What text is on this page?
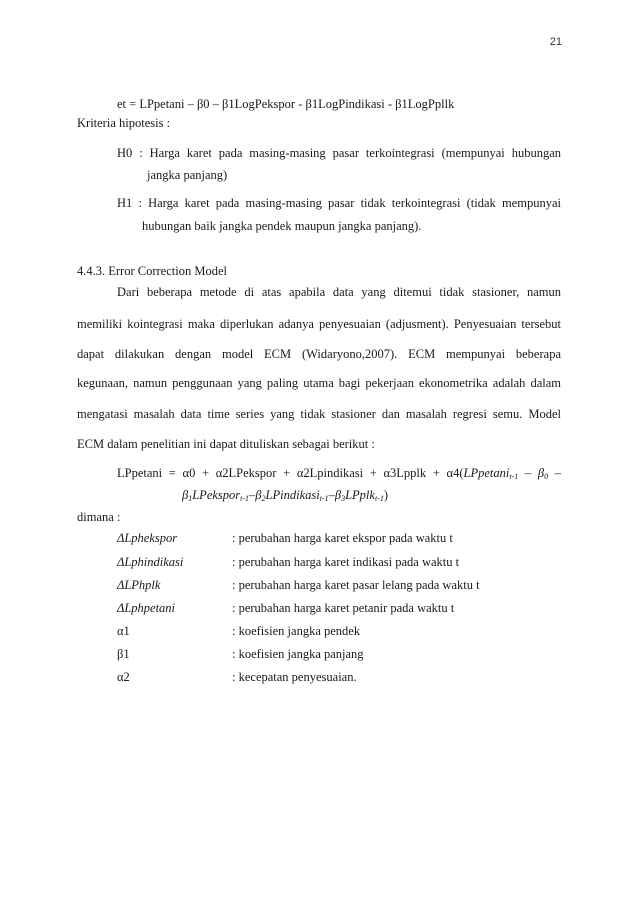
21
et = LPpetani – β0 – β1LogPekspor - β1LogPindikasi - β1LogPpllk
Kriteria hipotesis :
H0 : Harga karet pada masing-masing pasar terkointegrasi (mempunyai hubungan
jangka panjang)
H1 : Harga karet pada masing-masing pasar tidak terkointegrasi (tidak mempunyai
hubungan baik jangka pendek maupun jangka panjang).
4.4.3. Error Correction Model
Dari beberapa metode di atas apabila data yang ditemui tidak stasioner, namun
memiliki kointegrasi maka diperlukan adanya penyesuaian (adjusment). Penyesuaian tersebut
dapat dilakukan dengan model ECM (Widaryono,2007). ECM mempunyai beberapa
kegunaan, namun penggunaan yang paling utama bagi pekerjaan ekonometrika adalah dalam
mengatasi masalah data time series yang tidak stasioner dan masalah regresi semu. Model
ECM dalam penelitian ini dapat dituliskan sebagai berikut :
LPpetani = α0 + α2LPekspor + α2Lpindikasi + α3Lpplk + α4(LPpetani$_{t-1}$ – $\beta_0$ –
$\beta_1LPekspor_{t-1}-\beta_2LPindikasi_{t-1}-\beta_3LPplk_{t-1}$)
dimana :
ΔLphekspor	: perubahan harga karet ekspor pada waktu t
ΔLphindikasi	: perubahan harga karet indikasi pada waktu t
ΔLPhplk	: perubahan harga karet pasar lelang pada waktu t
ΔLphpetani	: perubahan harga karet petanir pada waktu t
α1	: koefisien jangka pendek
β1	: koefisien jangka panjang
α2	: kecepatan penyesuaian.
